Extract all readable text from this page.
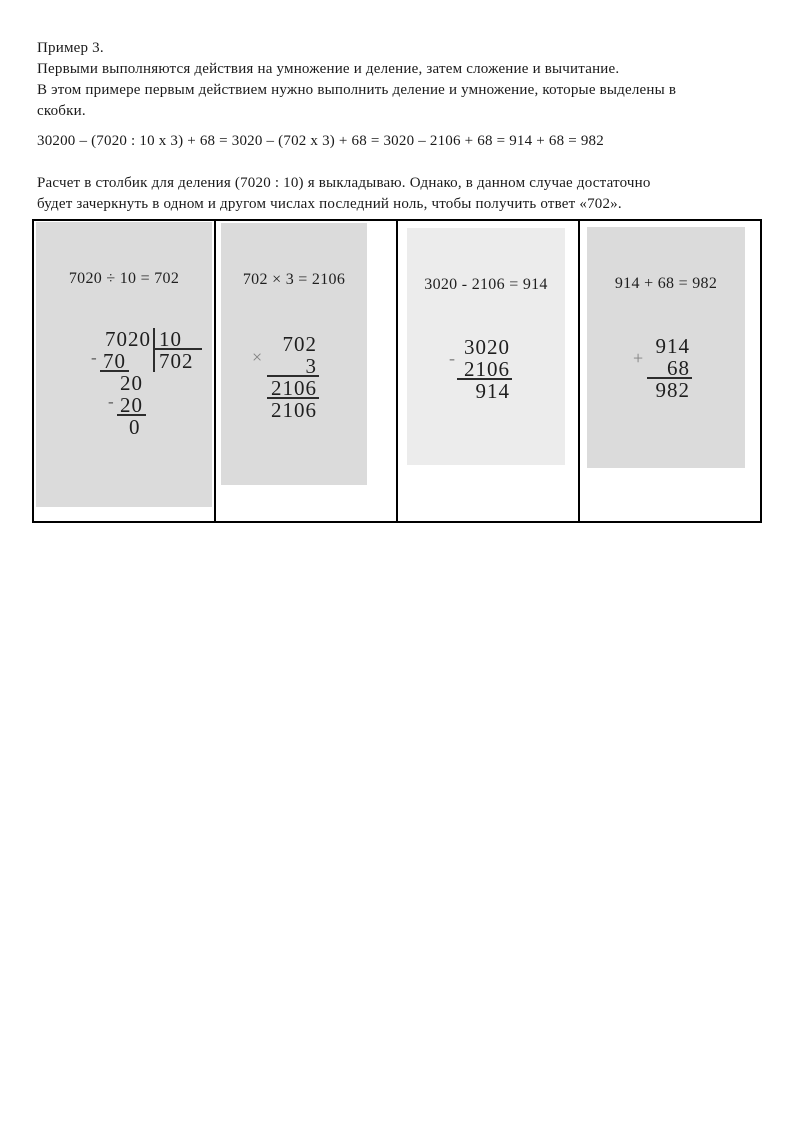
Пример 3.
Первыми выполняются действия на умножение и деление, затем сложение и вычитание.
В этом примере первым действием нужно выполнить деление и умножение, которые выделены в
скобки.
30200 – (7020 : 10 x 3) + 68 = 3020 – (702 x 3) + 68 = 3020 – 2106 + 68 = 914 + 68 = 982
Расчет в столбик для деления (7020 : 10) я выкладываю. Однако, в данном случае достаточно
будет зачеркнуть в одном и другом числах последний ноль, чтобы получить ответ «702».
7020 ÷ 10 = 702
7020
- 70
20
- 20
0
10
702
702 × 3 = 2106
×
702
3
2106
2106
3020 - 2106 = 914
- 3020
2106
914
914 + 68 = 982
+ 914
68
982
